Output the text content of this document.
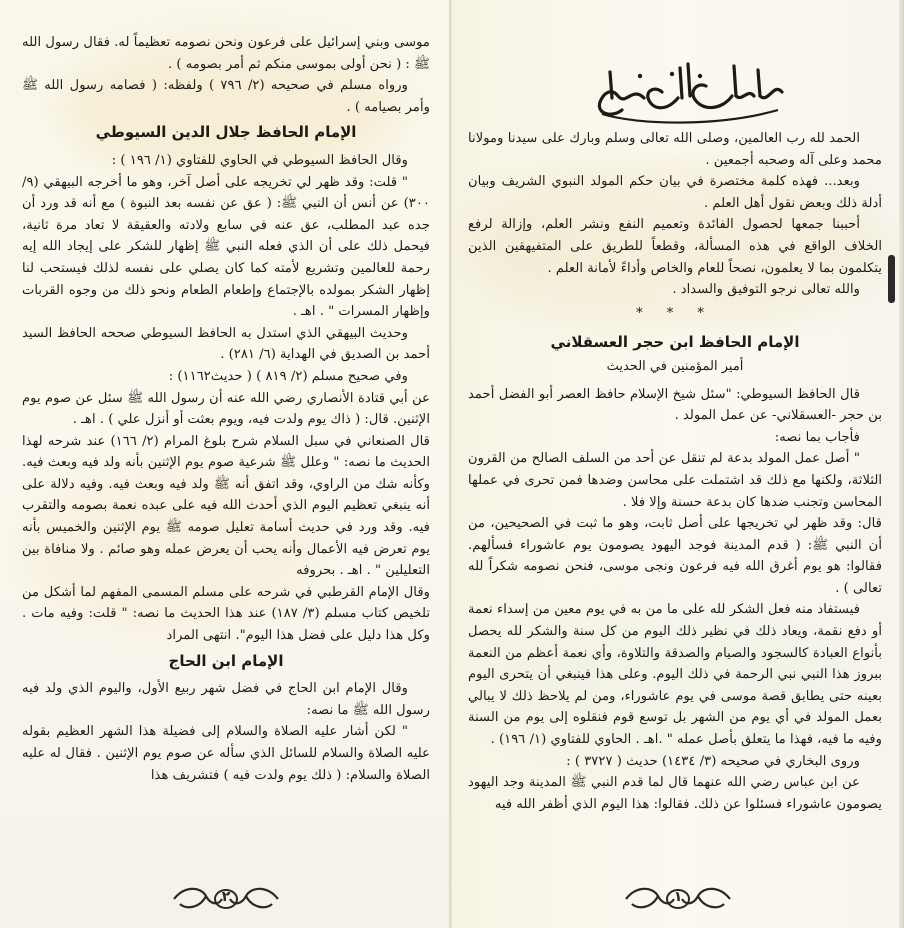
موسى وبني إسرائيل على فرعون ونحن نصومه تعظيماً له. فقال رسول الله ﷺ : ( نحن أولى بموسى منكم ثم أمر بصومه ) .

ورواه مسلم في صحيحه (٢/ ٧٩٦ ) ولفظه: ( فصامه رسول الله ﷺ وأمر بصيامه ) .

الإمام الحافظ جلال الدين السيوطي

وقال الحافظ السيوطي في الحاوي للفتاوي (١/ ١٩٦ ) :

" قلت: وقد ظهر لي تخريجه على أصل آخر، وهو ما أخرجه البيهقي (٩/ ٣٠٠) عن أنس أن النبي ﷺ: ( عق عن نفسه بعد النبوة ) مع أنه قد ورد أن جده عبد المطلب، عق عنه في سابع ولادته والعقيقة لا تعاد مرة ثانية، فيحمل ذلك على أن الذي فعله النبي ﷺ إظهار للشكر على إيجاد الله إيه رحمة للعالمين وتشريع لأمته كما كان يصلي على نفسه لذلك فيستحب لنا إظهار الشكر بمولده بالإجتماع وإطعام الطعام ونحو ذلك من وجوه القربات وإظهار المسرات " . اهـ .

وحديث البيهقي الذي استدل به الحافظ السيوطي صححه الحافظ السيد أحمد بن الصديق في الهداية (٦/ ٢٨١) .

وفي صحيح مسلم (٢/ ٨١٩ ) ( حديث١١٦٢) :

عن أبي قتادة الأنصاري رضي الله عنه أن رسول الله ﷺ سئل عن صوم يوم الإثنين. قال: ( ذاك يوم ولدت فيه، ويوم بعثت أو أنزل علي ) . اهـ .

قال الصنعاني في سبل السلام شرح بلوغ المرام (٢/ ١٦٦) عند شرحه لهذا الحديث ما نصه: " وعلل ﷺ شرعية صوم يوم الإثنين بأنه ولد فيه وبعث فيه. وكأنه شك من الراوي، وقد اتفق أنه ﷺ ولد فيه وبعث فيه. وفيه دلالة على أنه ينبغي تعظيم اليوم الذي أحدث الله فيه على عبده نعمة بصومه والتقرب فيه. وقد ورد في حديث أسامة تعليل صومه ﷺ يوم الإثنين والخميس بأنه يوم تعرض فيه الأعمال وأنه يحب أن يعرض عمله وهو صائم . ولا منافاة بين التعليلين " . اهـ . بحروفه

وقال الإمام القرطبي في شرحه على مسلم المسمى المفهم لما أشكل من تلخيص كتاب مسلم (٣/ ١٨٧) عند هذا الحديث ما نصه: " قلت: وفيه مات . وكل هذا دليل على فضل هذا اليوم". انتهى المراد

الإمام ابن الحاج

وقال الإمام ابن الحاج في فضل شهر ربيع الأول، واليوم الذي ولد فيه رسول الله ﷺ ما نصه:

" لكن أشار عليه الصلاة والسلام إلى فضيلة هذا الشهر العظيم بقوله عليه الصلاة والسلام للسائل الذي سأله عن صوم يوم الإثنين . فقال له عليه الصلاة والسلام: ( ذلك يوم ولدت فيه ) فتشريف هذا

٢

الحمد لله رب العالمين، وصلى الله تعالى وسلم وبارك على سيدنا ومولانا محمد وعلى آله وصحبه أجمعين .

وبعد... فهذه كلمة مختصرة في بيان حكم المولد النبوي الشريف وبيان أدلة ذلك وبعض نقول أهل العلم .

أحببنا جمعها لحصول الفائدة وتعميم النفع ونشر العلم، وإزالة لرفع الخلاف الواقع في هذه المسألة، وقطعاً للطريق على المتفيهقين الذين يتكلمون بما لا يعلمون، نصحاً للعام والخاص وأداءً لأمانة العلم .

والله تعالى نرجو التوفيق والسداد .

* * *
الإمام الحافظ ابن حجر العسقلاني
أمير المؤمنين في الحديث

قال الحافظ السيوطي: "سئل شيخ الإسلام حافظ العصر أبو الفضل أحمد بن حجر -العسقلاني- عن عمل المولد .

فأجاب بما نصه:

" أصل عمل المولد بدعة لم تنقل عن أحد من السلف الصالح من القرون الثلاثة، ولكنها مع ذلك قد اشتملت على محاسن وضدها فمن تحرى في عملها المحاسن وتجنب ضدها كان بدعة حسنة وإلا فلا .

قال: وقد ظهر لي تخريجها على أصل ثابت، وهو ما ثبت في الصحيحين، من أن النبي ﷺ: ( قدم المدينة فوجد اليهود يصومون يوم عاشوراء فسألهم. فقالوا: هو يوم أغرق الله فيه فرعون ونجى موسى، فنحن نصومه شكراً لله تعالى ) .

فيستفاد منه فعل الشكر لله على ما من به في يوم معين من إسداء نعمة أو دفع نقمة، ويعاد ذلك في نظير ذلك اليوم من كل سنة والشكر لله يحصل بأنواع العبادة كالسجود والصيام والصدقة والتلاوة، وأي نعمة أعظم من النعمة ببروز هذا النبي نبي الرحمة في ذلك اليوم. وعلى هذا فينبغي أن يتحرى اليوم بعينه حتى يطابق قصة موسى في يوم عاشوراء، ومن لم يلاحظ ذلك لا يبالي بعمل المولد في أي يوم من الشهر بل توسع قوم فنقلوه إلى يوم من السنة وفيه ما فيه، فهذا ما يتعلق بأصل عمله " .اهـ . الحاوي للفتاوي (١/ ١٩٦) .

وروى البخاري في صحيحه (٣/ ١٤٣٤) حديث ( ٣٧٢٧ ) :

عن ابن عباس رضي الله عنهما قال لما قدم النبي ﷺ المدينة وجد اليهود يصومون عاشوراء فسئلوا عن ذلك. فقالوا: هذا اليوم الذي أظفر الله فيه

١
